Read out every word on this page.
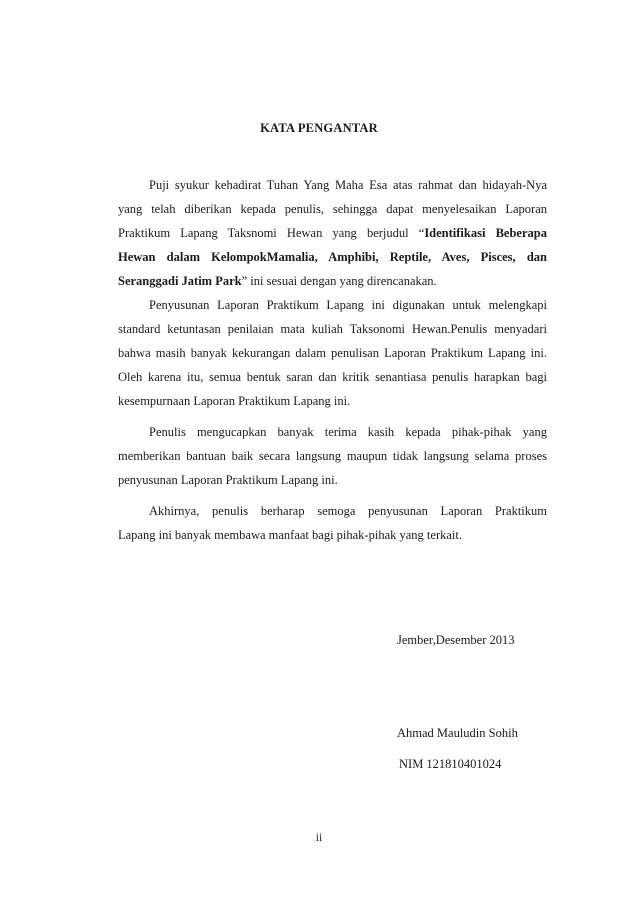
KATA PENGANTAR
Puji syukur kehadirat Tuhan Yang Maha Esa atas rahmat dan hidayah-Nya
yang telah diberikan kepada penulis, sehingga dapat menyelesaikan Laporan
Praktikum Lapang Taksnomi Hewan yang berjudul “Identifikasi Beberapa
Hewan dalam KelompokMamalia, Amphibi, Reptile, Aves, Pisces, dan
Seranggadi Jatim Park” ini sesuai dengan yang direncanakan.
Penyusunan Laporan Praktikum Lapang ini digunakan untuk melengkapi
standard ketuntasan penilaian mata kuliah Taksonomi Hewan.Penulis menyadari
bahwa masih banyak kekurangan dalam penulisan Laporan Praktikum Lapang ini.
Oleh karena itu, semua bentuk saran dan kritik senantiasa penulis harapkan bagi
kesempurnaan Laporan Praktikum Lapang ini.
Penulis mengucapkan banyak terima kasih kepada pihak-pihak yang
memberikan bantuan baik secara langsung maupun tidak langsung selama proses
penyusunan Laporan Praktikum Lapang ini.
Akhirnya, penulis berharap semoga penyusunan Laporan Praktikum
Lapang ini banyak membawa manfaat bagi pihak-pihak yang terkait.
Jember,Desember 2013
Ahmad Mauludin Sohih
NIM 121810401024
ii
